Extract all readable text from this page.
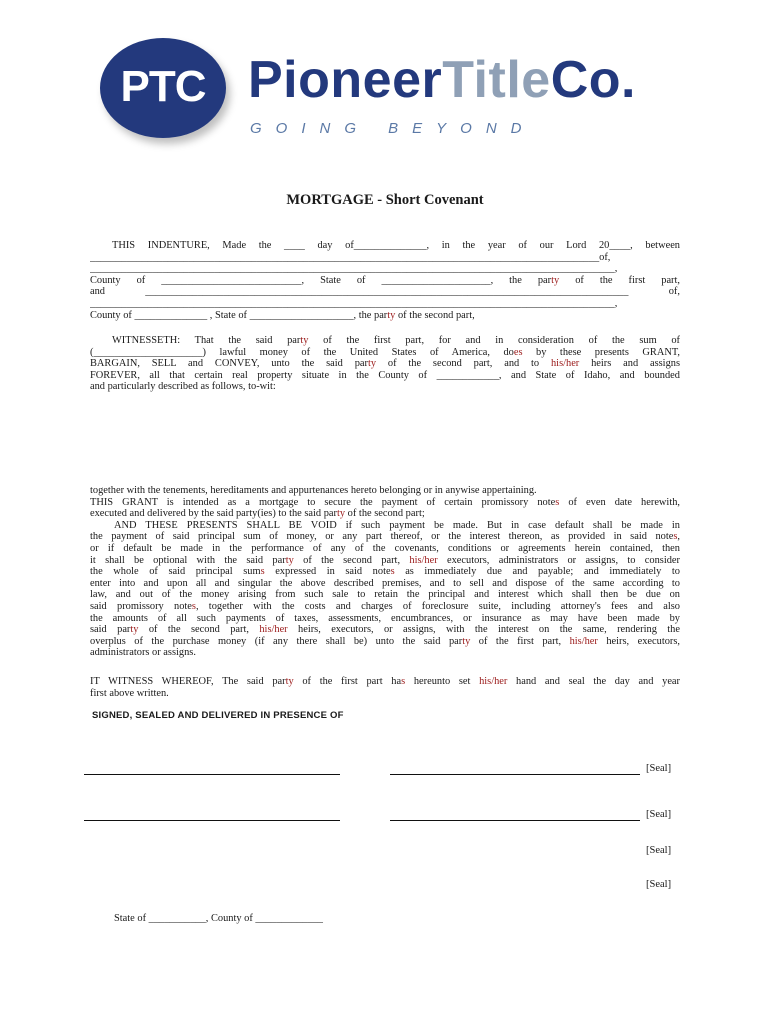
PTC PioneerTitleCo.
GOING BEYOND
MORTGAGE - Short Covenant

THIS INDENTURE, Made the ____ day of______________, in the year of our Lord 20____, between

__________________________________________________________________________________________________of,

_____________________________________________________________________________________________________,

County of ___________________________, State of _____________________, the party of the first part,

and _____________________________________________________________________________________________ of,

_____________________________________________________________________________________________________,

County of ______________ , State of ____________________, the party of the second part,

WITNESSETH: That the said party of the first part, for and in consideration of the sum of

(_____________________) lawful money of the United States of America, does by these presents GRANT,

BARGAIN, SELL and CONVEY, unto the said party of the second part, and to his/her heirs and assigns

FOREVER, all that certain real property situate in the County of ____________, and State of Idaho, and bounded

and particularly described as follows, to-wit:

together with the tenements, hereditaments and appurtenances hereto belonging or in anywise appertaining.

THIS GRANT is intended as a mortgage to secure the payment of certain promissory notes of even date herewith,

executed and delivered by the said party(ies) to the said party of the second part;

AND THESE PRESENTS SHALL BE VOID if such payment be made. But in case default shall be made in

the payment of said principal sum of money, or any part thereof, or the interest thereon, as provided in said notes,

or if default be made in the performance of any of the covenants, conditions or agreements herein contained, then

it shall be optional with the said party of the second part, his/her executors, administrators or assigns, to consider

the whole of said principal sums expressed in said notes as immediately due and payable; and immediately to

enter into and upon all and singular the above described premises, and to sell and dispose of the same according to

law, and out of the money arising from such sale to retain the principal and interest which shall then be due on

said promissory notes, together with the costs and charges of foreclosure suite, including attorney's fees and also

the amounts of all such payments of taxes, assessments, encumbrances, or insurance as may have been made by

said party of the second part, his/her heirs, executors, or assigns, with the interest on the same, rendering the

overplus of the purchase money (if any there shall be) unto the said party of the first part, his/her heirs, executors,

administrators or assigns.

IT WITNESS WHEREOF, The said party of the first part has hereunto set his/her hand and seal the day and year

first above written.

SIGNED, SEALED AND DELIVERED IN PRESENCE OF
[Seal]
[Seal]
[Seal]
[Seal]
State of ___________, County of _____________
